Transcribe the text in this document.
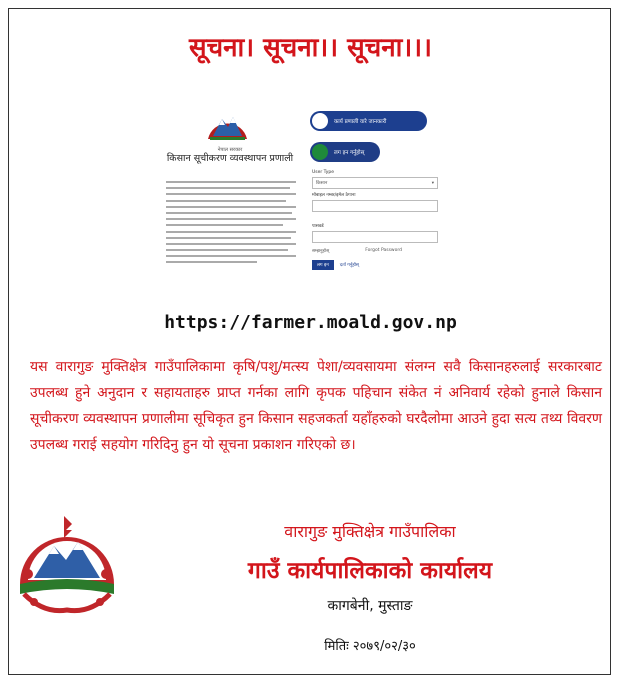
सूचना। सूचना।। सूचना।।।
नेपाल सरकार
किसान सूचीकरण व्यवस्थापन प्रणाली
कार्य प्रणाली वारे जानकारी
लग इन गर्नुहोस्
User Type
किसान ▾
मोबाइल नम्बर/इमेल ठेगाना
पासवर्ड
सम्झनुहोस्	Forgot Password
लग इन	दर्ता गर्नुहोस्
https://farmer.moald.gov.np
यस वारागुङ मुक्तिक्षेत्र गाउँपालिकामा कृषि/पशु/मत्स्य पेशा/व्यवसायमा संलग्न सवै किसानहरुलाई सरकारबाट उपलब्ध हुने अनुदान र सहायताहरु प्राप्त गर्नका लागि कृपक पहिचान संकेत नं अनिवार्य रहेको हुनाले किसान सूचीकरण व्यवस्थापन प्रणालीमा सूचिकृत हुन किसान सहजकर्ता यहाँहरुको घरदैलोमा आउने हुदा सत्य तथ्य विवरण उपलब्ध गराई सहयोग गरिदिनु हुन यो सूचना प्रकाशन गरिएको छ।
वारागुङ मुक्तिक्षेत्र गाउँपालिका
गाउँ कार्यपालिकाको कार्यालय
कागबेनी, मुस्ताङ
मितिः २०७९/०२/३०
